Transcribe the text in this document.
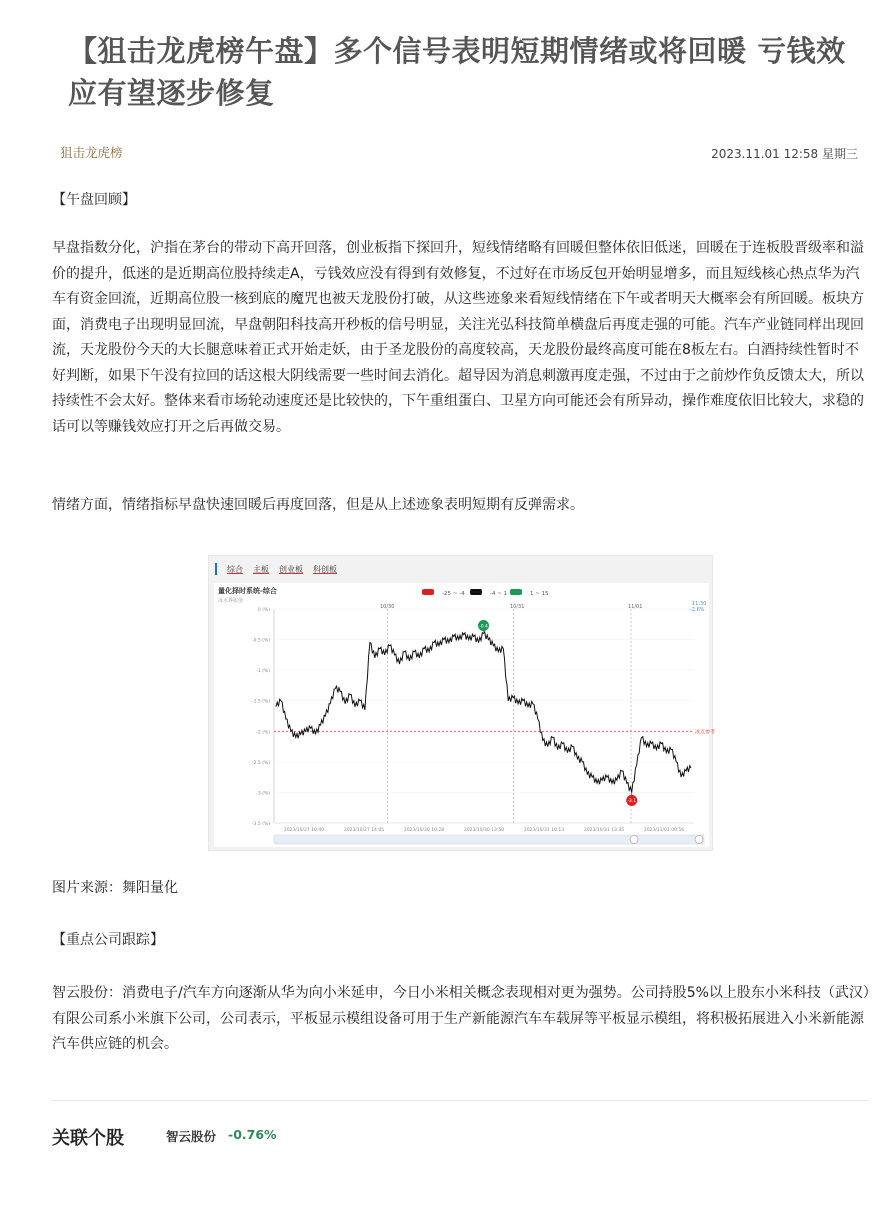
【狙击龙虎榜午盘】多个信号表明短期情绪或将回暖 亏钱效应有望逐步修复
狙击龙虎榜	2023.11.01 12:58 星期三
【午盘回顾】
早盘指数分化，沪指在茅台的带动下高开回落，创业板指下探回升，短线情绪略有回暖但整体依旧低迷，回暖在于连板股晋级率和溢价的提升，低迷的是近期高位股持续走A，亏钱效应没有得到有效修复，不过好在市场反包开始明显增多，而且短线核心热点华为汽车有资金回流，近期高位股一核到底的魔咒也被天龙股份打破，从这些迹象来看短线情绪在下午或者明天大概率会有所回暖。板块方面，消费电子出现明显回流，早盘朝阳科技高开秒板的信号明显，关注光弘科技简单横盘后再度走强的可能。汽车产业链同样出现回流，天龙股份今天的大长腿意味着正式开始走妖，由于圣龙股份的高度较高，天龙股份最终高度可能在8板左右。白酒持续性暂时不好判断，如果下午没有拉回的话这根大阴线需要一些时间去消化。超导因为消息刺激再度走强，不过由于之前炒作负反馈太大，所以持续性不会太好。整体来看市场轮动速度还是比较快的，下午重组蛋白、卫星方向可能还会有所异动，操作难度依旧比较大，求稳的话可以等赚钱效应打开之后再做交易。
情绪方面，情绪指标早盘快速回暖后再度回落，但是从上述迹象表明短期有反弹需求。
综合 主板 创业板 科创板
量化择时系统-综合
冰水界限值
-25 ~ -4	-4 ~ 1	1 ~ 15
10/30	10/31	11/01	11:30
-2.6%
0 (%)
-0.5 (%)
-1 (%)
-1.5 (%)
-2 (%)
-2.5 (%)
-3 (%)
-3.5 (%)
2023/10/27 10:40	2023/10/27 14:05	2023/10/30 10:28	2023/10/30 13:50	2023/10/31 10:13	2023/10/31 13:35	2023/11/01 09:56
冰点参考
-0.4
-3.1
图片来源：舞阳量化
【重点公司跟踪】
智云股份：消费电子/汽车方向逐渐从华为向小米延申，今日小米相关概念表现相对更为强势。公司持股5%以上股东小米科技（武汉）有限公司系小米旗下公司，公司表示，平板显示模组设备可用于生产新能源汽车车载屏等平板显示模组，将积极拓展进入小米新能源汽车供应链的机会。
关联个股	智云股份 -0.76%
